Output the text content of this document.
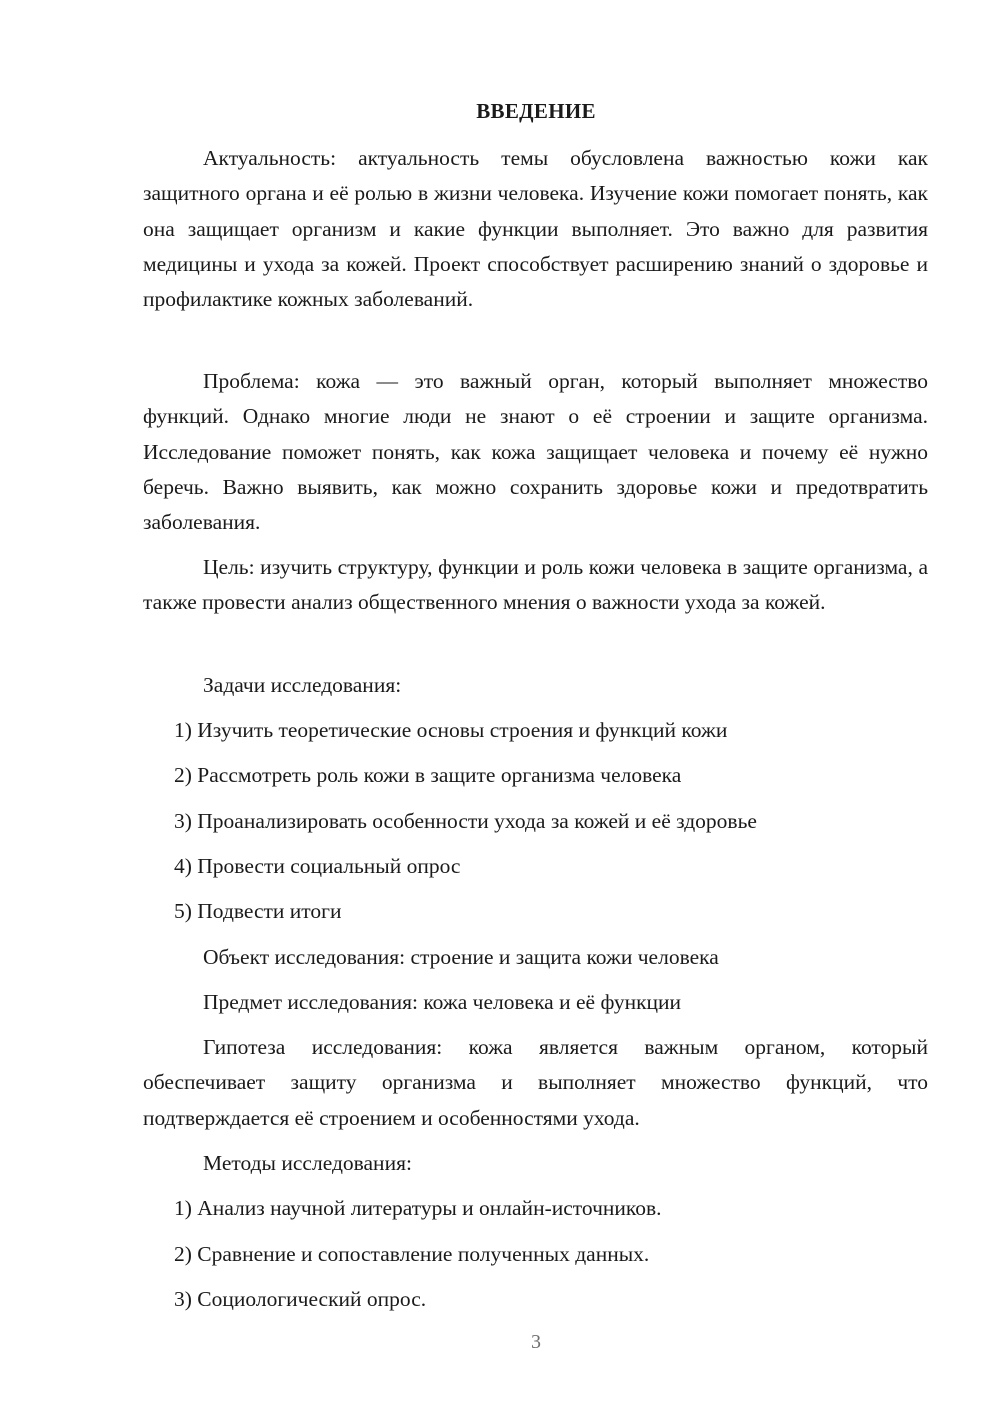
ВВЕДЕНИЕ

Актуальность: актуальность темы обусловлена важностью кожи как защитного органа и её ролью в жизни человека. Изучение кожи помогает понять, как она защищает организм и какие функции выполняет. Это важно для развития медицины и ухода за кожей. Проект способствует расширению знаний о здоровье и профилактике кожных заболеваний.

Проблема: кожа — это важный орган, который выполняет множество функций. Однако многие люди не знают о её строении и защите организма. Исследование поможет понять, как кожа защищает человека и почему её нужно беречь. Важно выявить, как можно сохранить здоровье кожи и предотвратить заболевания.

Цель: изучить структуру, функции и роль кожи человека в защите организма, а также провести анализ общественного мнения о важности ухода за кожей.

Задачи исследования:
1) Изучить теоретические основы строения и функций кожи
2) Рассмотреть роль кожи в защите организма человека
3) Проанализировать особенности ухода за кожей и её здоровье
4) Провести социальный опрос
5) Подвести итоги
Объект исследования: строение и защита кожи человека
Предмет исследования: кожа человека и её функции

Гипотеза исследования: кожа является важным органом, который обеспечивает защиту организма и выполняет множество функций, что подтверждается её строением и особенностями ухода.

Методы исследования:
1) Анализ научной литературы и онлайн-источников.
2) Сравнение и сопоставление полученных данных.
3) Социологический опрос.
3
